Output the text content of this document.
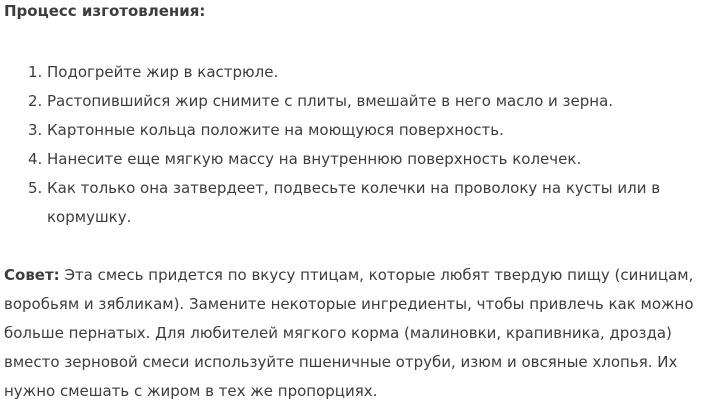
Процесс изготовления:

1. Подогрейте жир в кастрюле.
2. Растопившийся жир снимите с плиты, вмешайте в него масло и зерна.
3. Картонные кольца положите на моющуюся поверхность.
4. Нанесите еще мягкую массу на внутреннюю поверхность колечек.
5. Как только она затвердеет, подвесьте колечки на проволоку на кусты или в кормушку.

Совет: Эта смесь придется по вкусу птицам, которые любят твердую пищу (синицам, воробьям и зябликам). Замените некоторые ингредиенты, чтобы привлечь как можно больше пернатых. Для любителей мягкого корма (малиновки, крапивника, дрозда) вместо зерновой смеси используйте пшеничные отруби, изюм и овсяные хлопья. Их нужно смешать с жиром в тех же пропорциях.
